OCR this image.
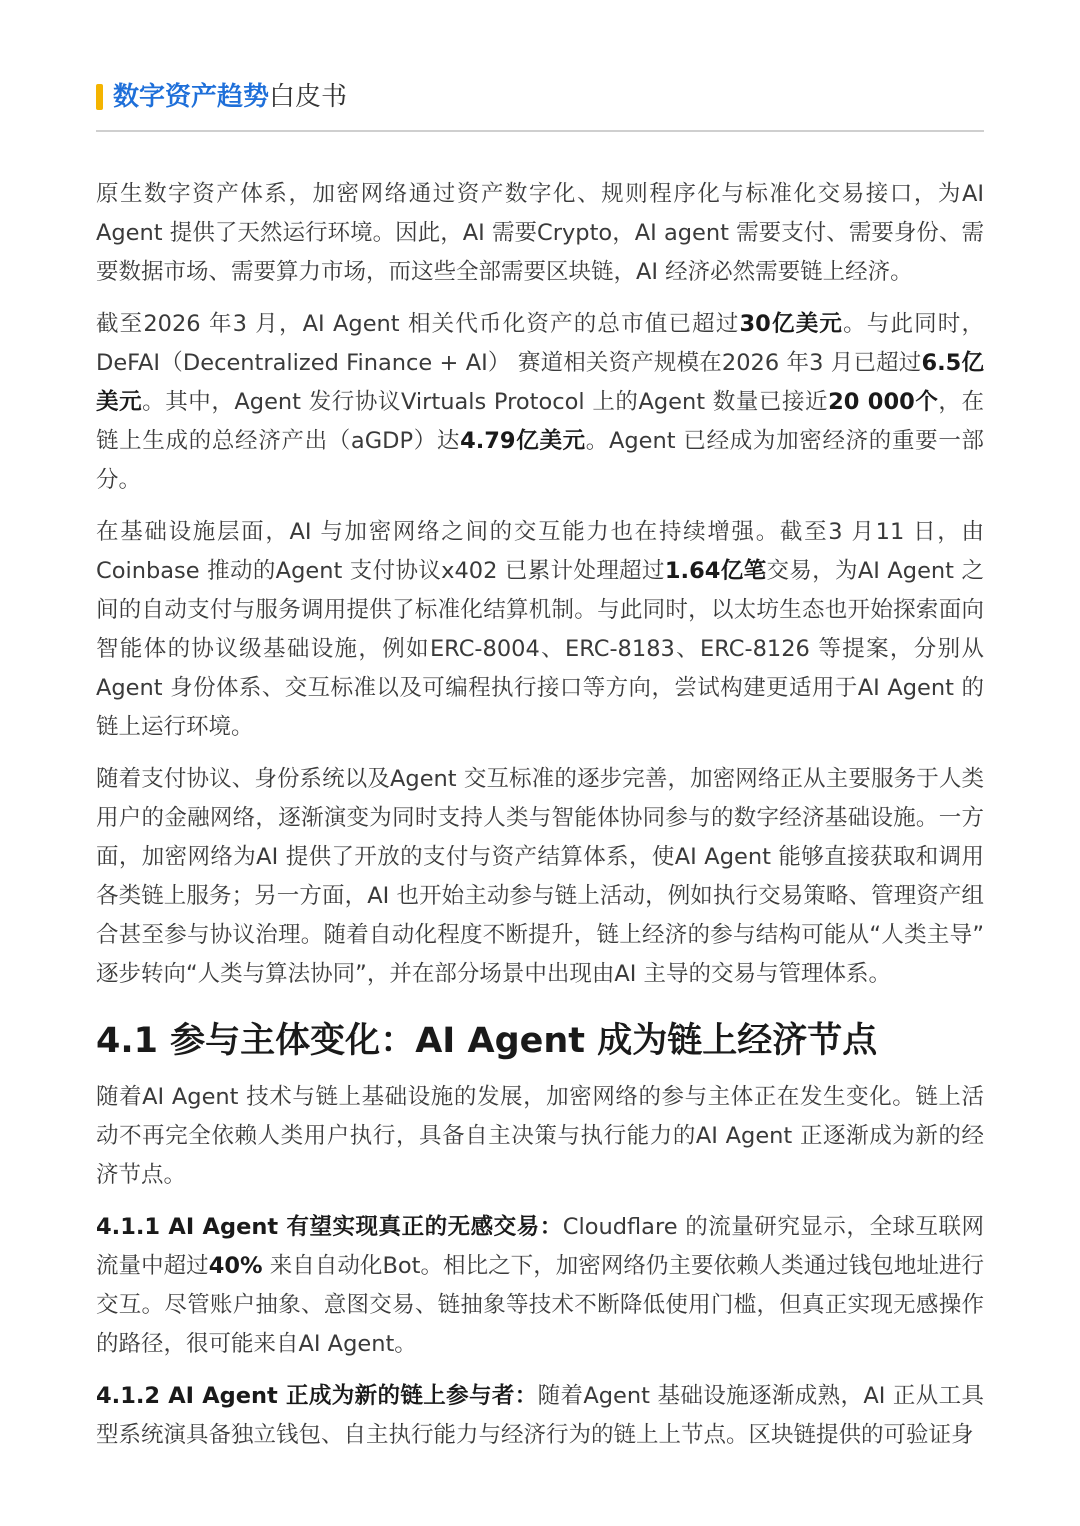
数字资产趋势白皮书

原生数字资产体系，加密网络通过资产数字化、规则程序化与标准化交易接口，为AI Agent 提供了天然运行环境。因此，AI 需要Crypto，AI agent 需要支付、需要身份、需要数据市场、需要算力市场，而这些全部需要区块链，AI 经济必然需要链上经济。

截至2026 年3 月，AI Agent 相关代币化资产的总市值已超过30亿美元。与此同时，DeFAI（Decentralized Finance + AI） 赛道相关资产规模在2026 年3 月已超过6.5亿美元。其中，Agent 发行协议Virtuals Protocol 上的Agent 数量已接近20 000个，在链上生成的总经济产出（aGDP）达4.79亿美元。Agent 已经成为加密经济的重要一部分。

在基础设施层面，AI 与加密网络之间的交互能力也在持续增强。截至3 月11 日，由Coinbase 推动的Agent 支付协议x402 已累计处理超过1.64亿笔交易，为AI Agent 之间的自动支付与服务调用提供了标准化结算机制。与此同时，以太坊生态也开始探索面向智能体的协议级基础设施，例如ERC-8004、ERC-8183、ERC-8126 等提案，分别从Agent 身份体系、交互标准以及可编程执行接口等方向，尝试构建更适用于AI Agent 的链上运行环境。

随着支付协议、身份系统以及Agent 交互标准的逐步完善，加密网络正从主要服务于人类用户的金融网络，逐渐演变为同时支持人类与智能体协同参与的数字经济基础设施。一方面，加密网络为AI 提供了开放的支付与资产结算体系，使AI Agent 能够直接获取和调用各类链上服务；另一方面，AI 也开始主动参与链上活动，例如执行交易策略、管理资产组合甚至参与协议治理。随着自动化程度不断提升，链上经济的参与结构可能从“人类主导” 逐步转向“人类与算法协同”，并在部分场景中出现由AI 主导的交易与管理体系。

4.1 参与主体变化：AI Agent 成为链上经济节点

随着AI Agent 技术与链上基础设施的发展，加密网络的参与主体正在发生变化。链上活动不再完全依赖人类用户执行，具备自主决策与执行能力的AI Agent 正逐渐成为新的经济节点。

4.1.1 AI Agent 有望实现真正的无感交易：Cloudflare 的流量研究显示，全球互联网流量中超过40% 来自自动化Bot。相比之下，加密网络仍主要依赖人类通过钱包地址进行交互。尽管账户抽象、意图交易、链抽象等技术不断降低使用门槛，但真正实现无感操作的路径，很可能来自AI Agent。

4.1.2 AI Agent 正成为新的链上参与者：随着Agent 基础设施逐渐成熟，AI 正从工具型系统演具备独立钱包、自主执行能力与经济行为的链上上节点。区块链提供的可验证身
